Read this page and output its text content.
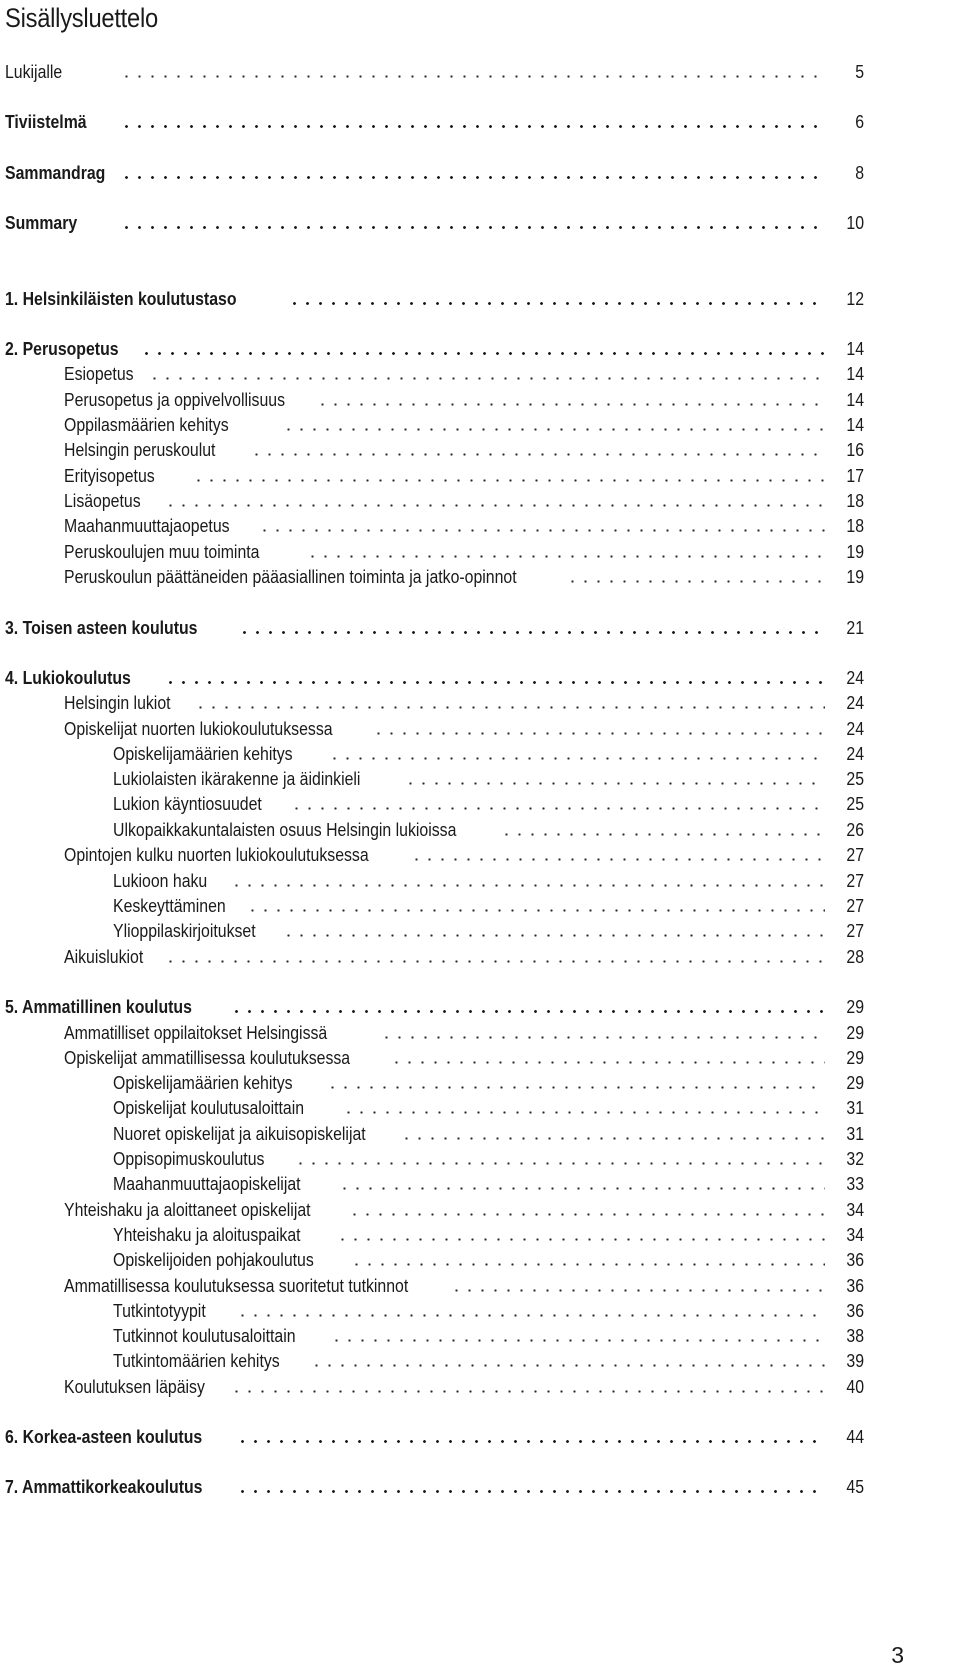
Sisällysluettelo
Lukijalle	5
Tiviistelmä	6
Sammandrag	8
Summary	10
1. Helsinkiläisten koulutustaso	12
2. Perusopetus	14
Esiopetus	14
Perusopetus ja oppivelvollisuus	14
Oppilasmäärien kehitys	14
Helsingin peruskoulut	16
Erityisopetus	17
Lisäopetus	18
Maahanmuuttajaopetus	18
Peruskoulujen muu toiminta	19
Peruskoulun päättäneiden pääasiallinen toiminta ja jatko-opinnot	19
3. Toisen asteen koulutus	21
4. Lukiokoulutus	24
Helsingin lukiot	24
Opiskelijat nuorten lukiokoulutuksessa	24
Opiskelijamäärien kehitys	24
Lukiolaisten ikärakenne ja äidinkieli	25
Lukion käyntiosuudet	25
Ulkopaikkakuntalaisten osuus Helsingin lukioissa	26
Opintojen kulku nuorten lukiokoulutuksessa	27
Lukioon haku	27
Keskeyttäminen	27
Ylioppilaskirjoitukset	27
Aikuislukiot	28
5. Ammatillinen koulutus	29
Ammatilliset oppilaitokset Helsingissä	29
Opiskelijat ammatillisessa koulutuksessa	29
Opiskelijamäärien kehitys	29
Opiskelijat koulutusaloittain	31
Nuoret opiskelijat ja aikuisopiskelijat	31
Oppisopimuskoulutus	32
Maahanmuuttajaopiskelijat	33
Yhteishaku ja aloittaneet opiskelijat	34
Yhteishaku ja aloituspaikat	34
Opiskelijoiden pohjakoulutus	36
Ammatillisessa koulutuksessa suoritetut tutkinnot	36
Tutkintotyypit	36
Tutkinnot koulutusaloittain	38
Tutkintomäärien kehitys	39
Koulutuksen läpäisy	40
6. Korkea-asteen koulutus	44
7. Ammattikorkeakoulutus	45
3
